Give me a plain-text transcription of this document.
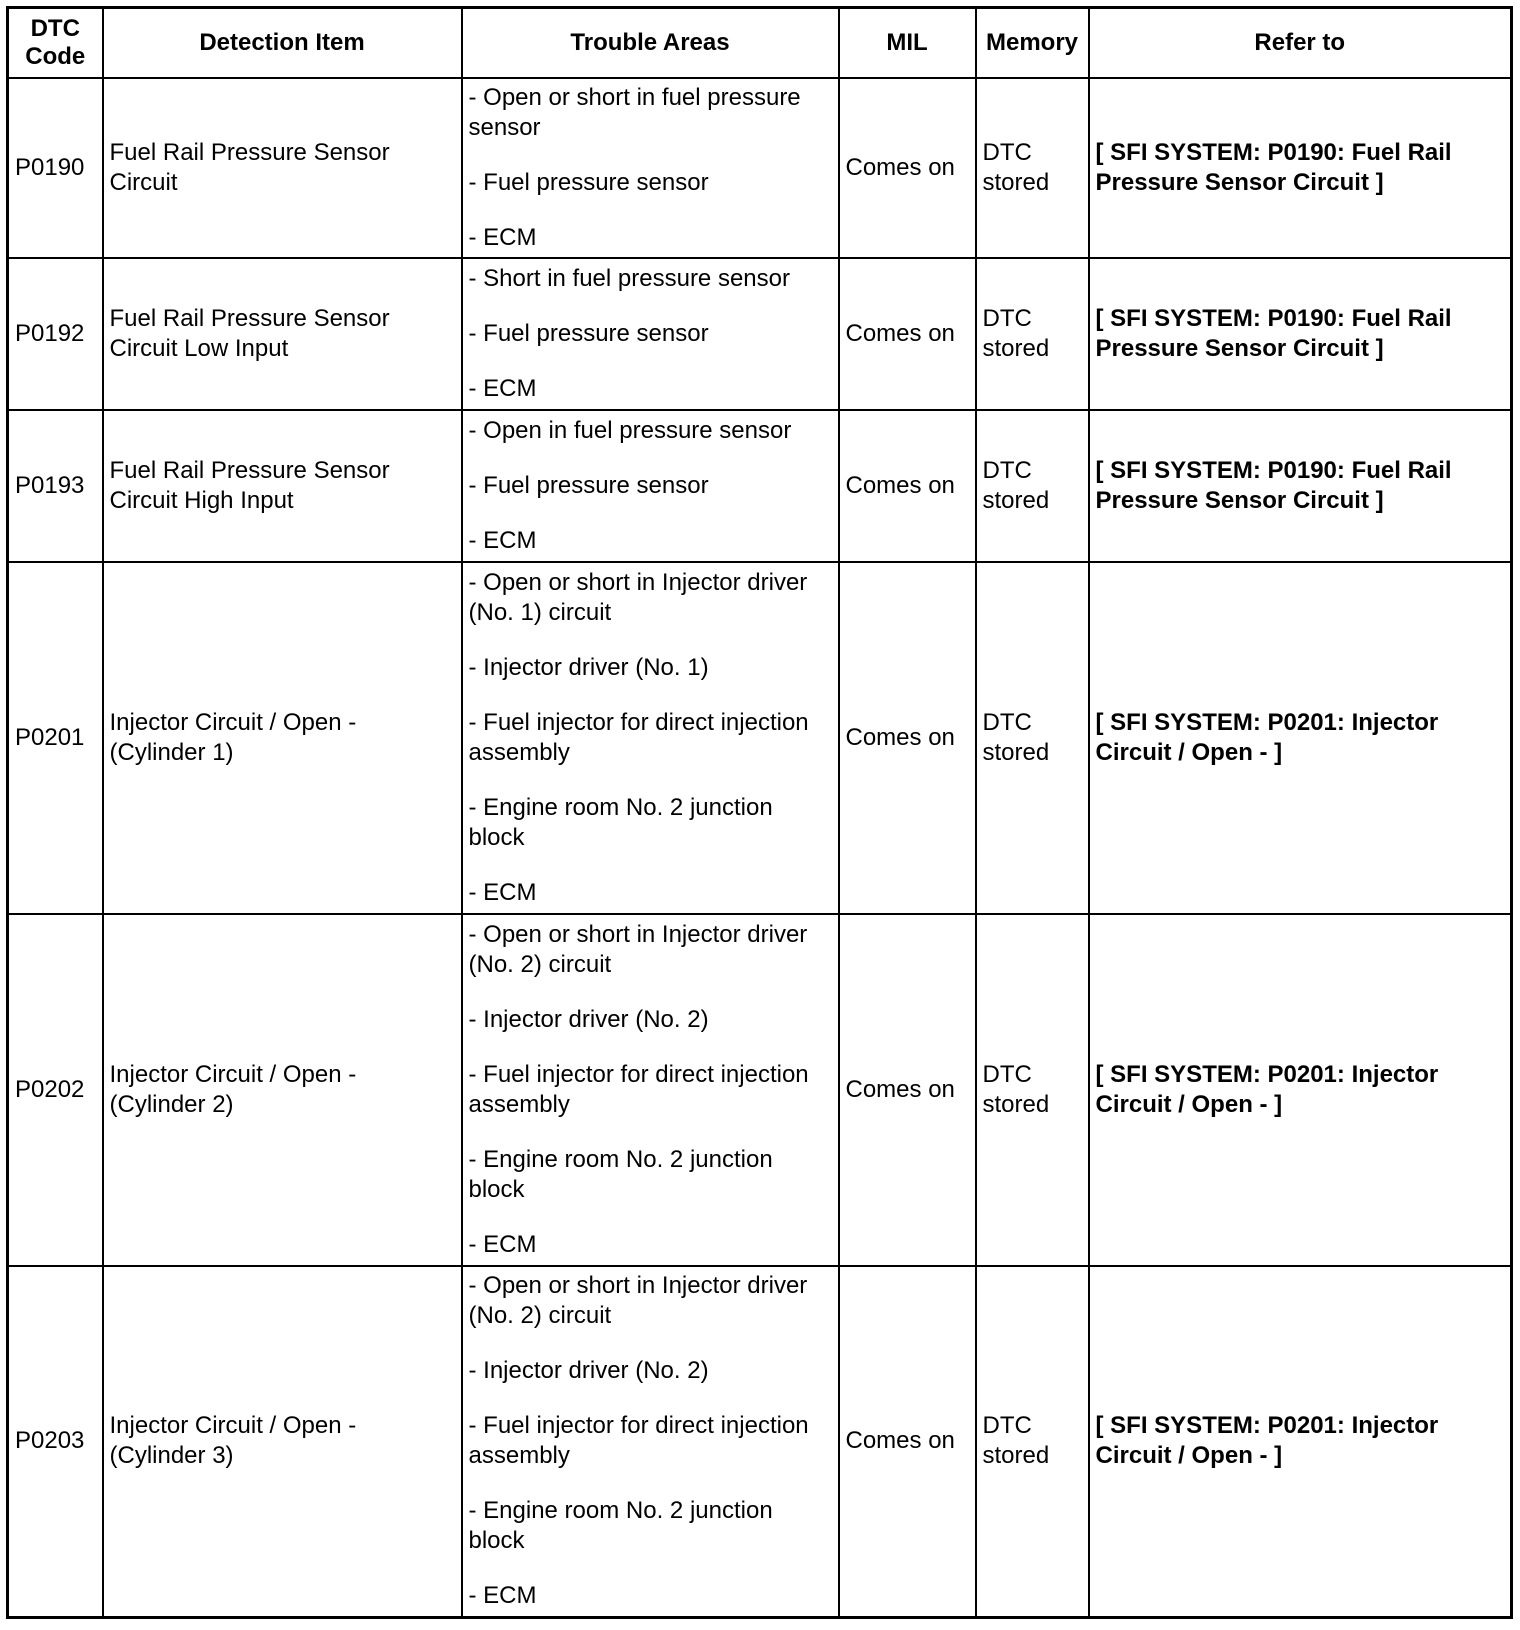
DTC Code	Detection Item	Trouble Areas	MIL	Memory	Refer to
P0190	Fuel Rail Pressure Sensor Circuit	- Open or short in fuel pressure sensor
- Fuel pressure sensor
- ECM	Comes on	DTC stored	[ SFI SYSTEM: P0190: Fuel Rail Pressure Sensor Circuit ]
P0192	Fuel Rail Pressure Sensor Circuit Low Input	- Short in fuel pressure sensor
- Fuel pressure sensor
- ECM	Comes on	DTC stored	[ SFI SYSTEM: P0190: Fuel Rail Pressure Sensor Circuit ]
P0193	Fuel Rail Pressure Sensor Circuit High Input	- Open in fuel pressure sensor
- Fuel pressure sensor
- ECM	Comes on	DTC stored	[ SFI SYSTEM: P0190: Fuel Rail Pressure Sensor Circuit ]
P0201	Injector Circuit / Open - (Cylinder 1)	- Open or short in Injector driver (No. 1) circuit
- Injector driver (No. 1)
- Fuel injector for direct injection assembly
- Engine room No. 2 junction block
- ECM	Comes on	DTC stored	[ SFI SYSTEM: P0201: Injector Circuit / Open - ]
P0202	Injector Circuit / Open - (Cylinder 2)	- Open or short in Injector driver (No. 2) circuit
- Injector driver (No. 2)
- Fuel injector for direct injection assembly
- Engine room No. 2 junction block
- ECM	Comes on	DTC stored	[ SFI SYSTEM: P0201: Injector Circuit / Open - ]
P0203	Injector Circuit / Open - (Cylinder 3)	- Open or short in Injector driver (No. 2) circuit
- Injector driver (No. 2)
- Fuel injector for direct injection assembly
- Engine room No. 2 junction block
- ECM	Comes on	DTC stored	[ SFI SYSTEM: P0201: Injector Circuit / Open - ]
